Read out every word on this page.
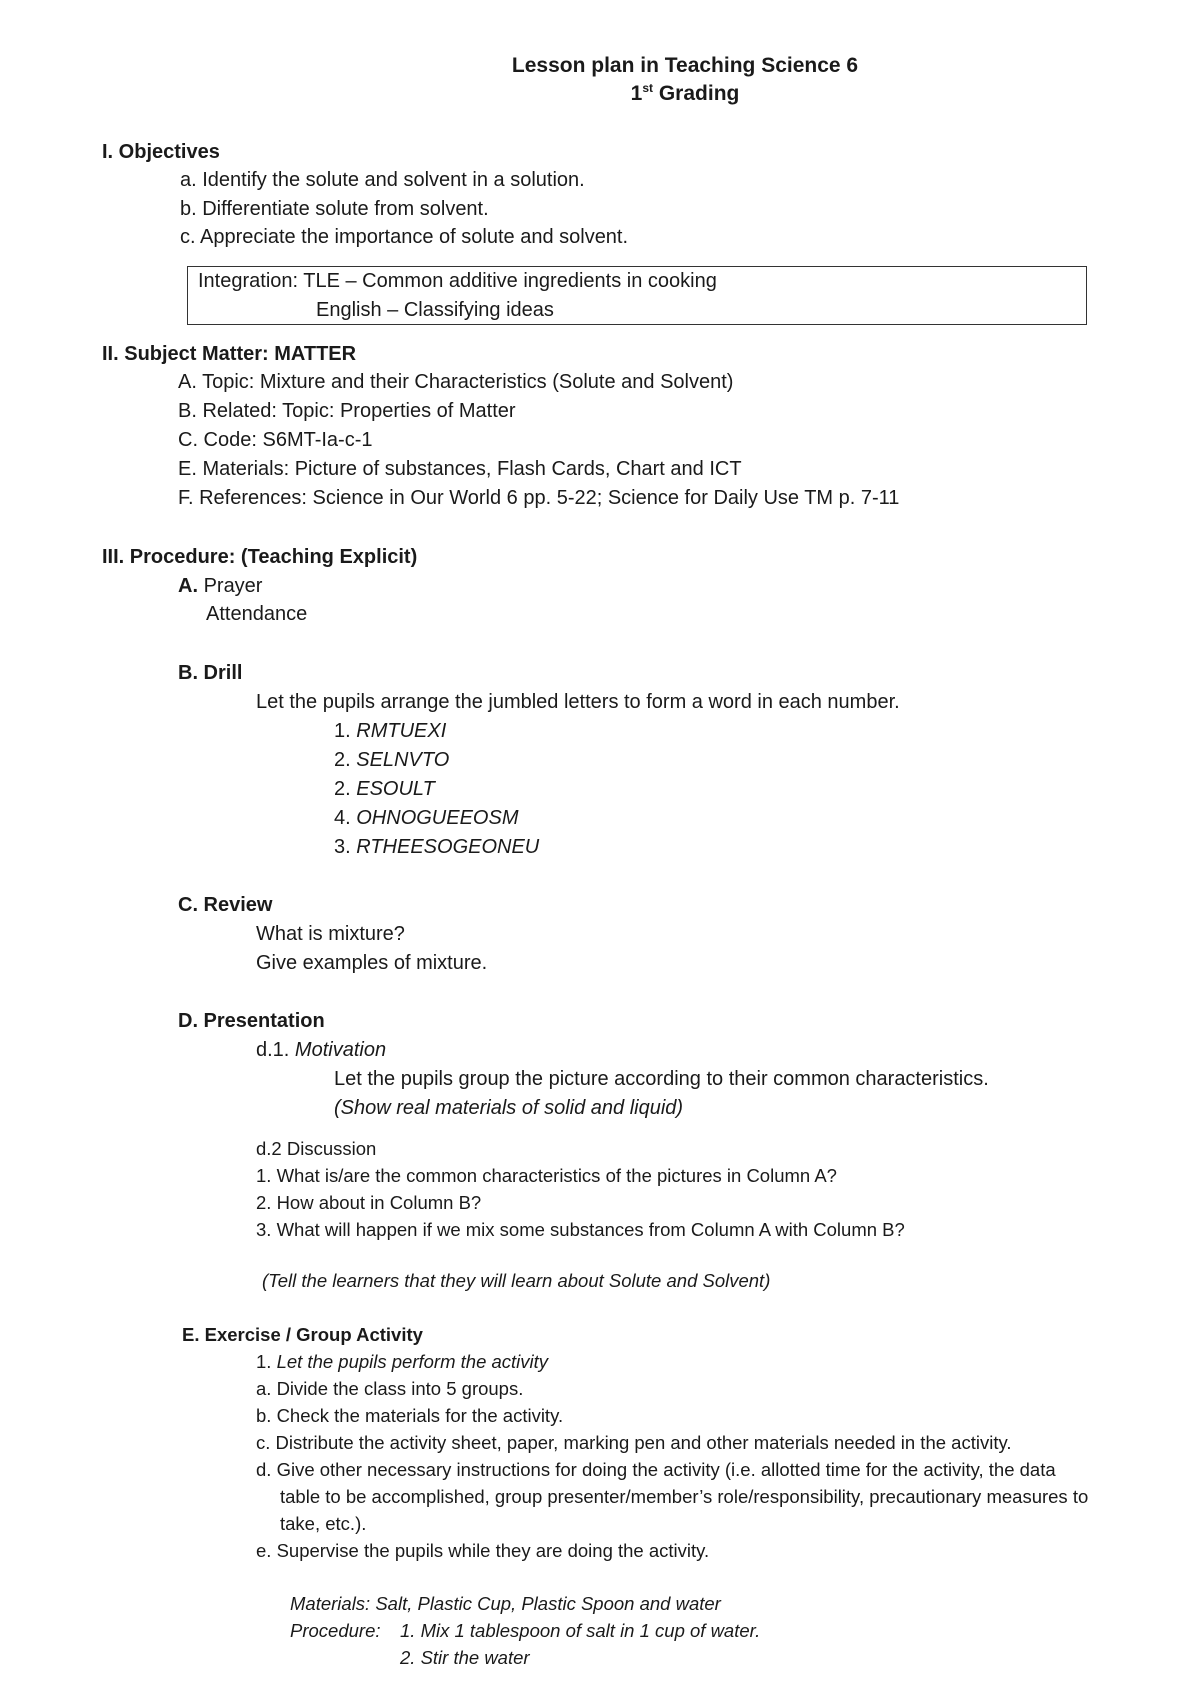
Lesson plan in Teaching Science 6
1st Grading
I. Objectives
a. Identify the solute and solvent in a solution.
b. Differentiate solute from solvent.
c. Appreciate the importance of solute and solvent.
Integration: TLE – Common additive ingredients in cooking
English – Classifying ideas
II. Subject Matter: MATTER
A. Topic: Mixture and their Characteristics (Solute and Solvent)
B. Related: Topic: Properties of Matter
C. Code: S6MT-Ia-c-1
E. Materials: Picture of substances, Flash Cards, Chart and ICT
F. References: Science in Our World 6 pp. 5-22; Science for Daily Use TM p. 7-11
III. Procedure: (Teaching Explicit)
A. Prayer
Attendance
B. Drill
Let the pupils arrange the jumbled letters to form a word in each number.
1. RMTUEXI
2. SELNVTO
2. ESOULT
4. OHNOGUEEOSM
3. RTHEESOGEONEU
C. Review
What is mixture?
Give examples of mixture.
D. Presentation
d.1. Motivation
Let the pupils group the picture according to their common characteristics.
(Show real materials of solid and liquid)
d.2 Discussion
1. What is/are the common characteristics of the pictures in Column A?
2. How about in Column B?
3. What will happen if we mix some substances from Column A with Column B?
(Tell the learners that they will learn about Solute and Solvent)
E. Exercise / Group Activity
1. Let the pupils perform the activity
a. Divide the class into 5 groups.
b. Check the materials for the activity.
c. Distribute the activity sheet, paper, marking pen and other materials needed in the activity.
d. Give other necessary instructions for doing the activity (i.e. allotted time for the activity, the data
table to be accomplished, group presenter/member’s role/responsibility, precautionary measures to
take, etc.).
e. Supervise the pupils while they are doing the activity.
Materials: Salt, Plastic Cup, Plastic Spoon and water
Procedure: 1. Mix 1 tablespoon of salt in 1 cup of water.
2. Stir the water
